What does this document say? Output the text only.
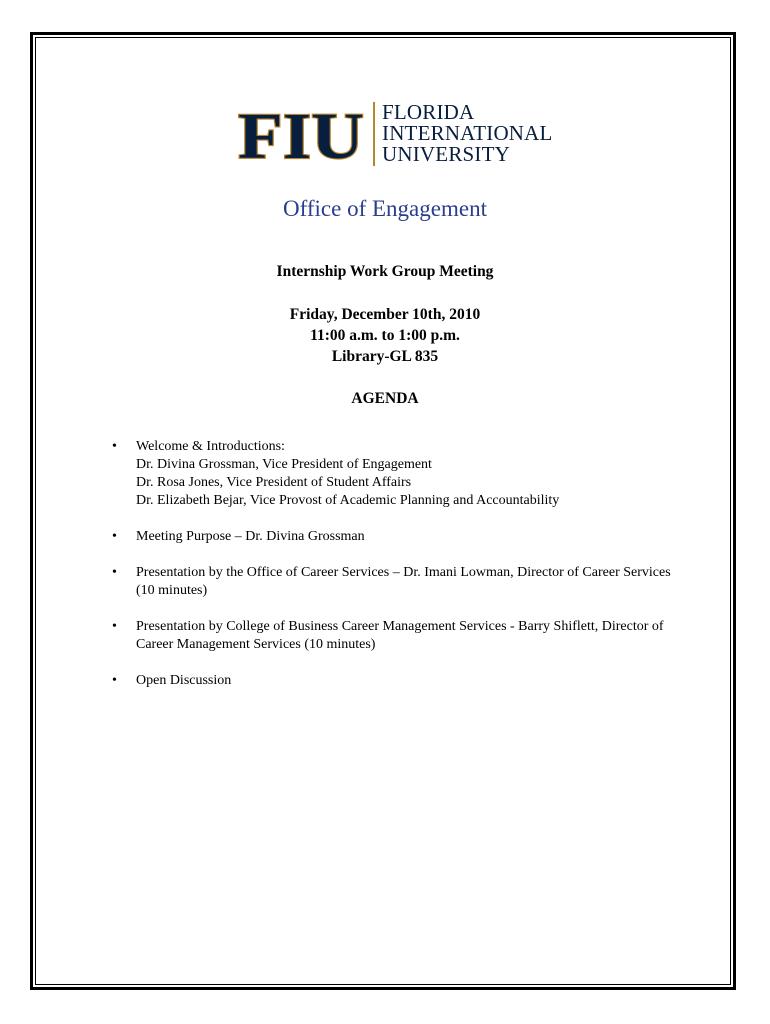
FIU FLORIDA
INTERNATIONAL
UNIVERSITY
Office of Engagement
Internship Work Group Meeting
Friday, December 10th, 2010
11:00 a.m. to 1:00 p.m.
Library-GL 835
AGENDA
• Welcome & Introductions:
Dr. Divina Grossman, Vice President of Engagement
Dr. Rosa Jones, Vice President of Student Affairs
Dr. Elizabeth Bejar, Vice Provost of Academic Planning and Accountability
• Meeting Purpose – Dr. Divina Grossman
• Presentation by the Office of Career Services – Dr. Imani Lowman, Director of Career Services (10 minutes)
• Presentation by College of Business Career Management Services - Barry Shiflett, Director of Career Management Services (10 minutes)
• Open Discussion
